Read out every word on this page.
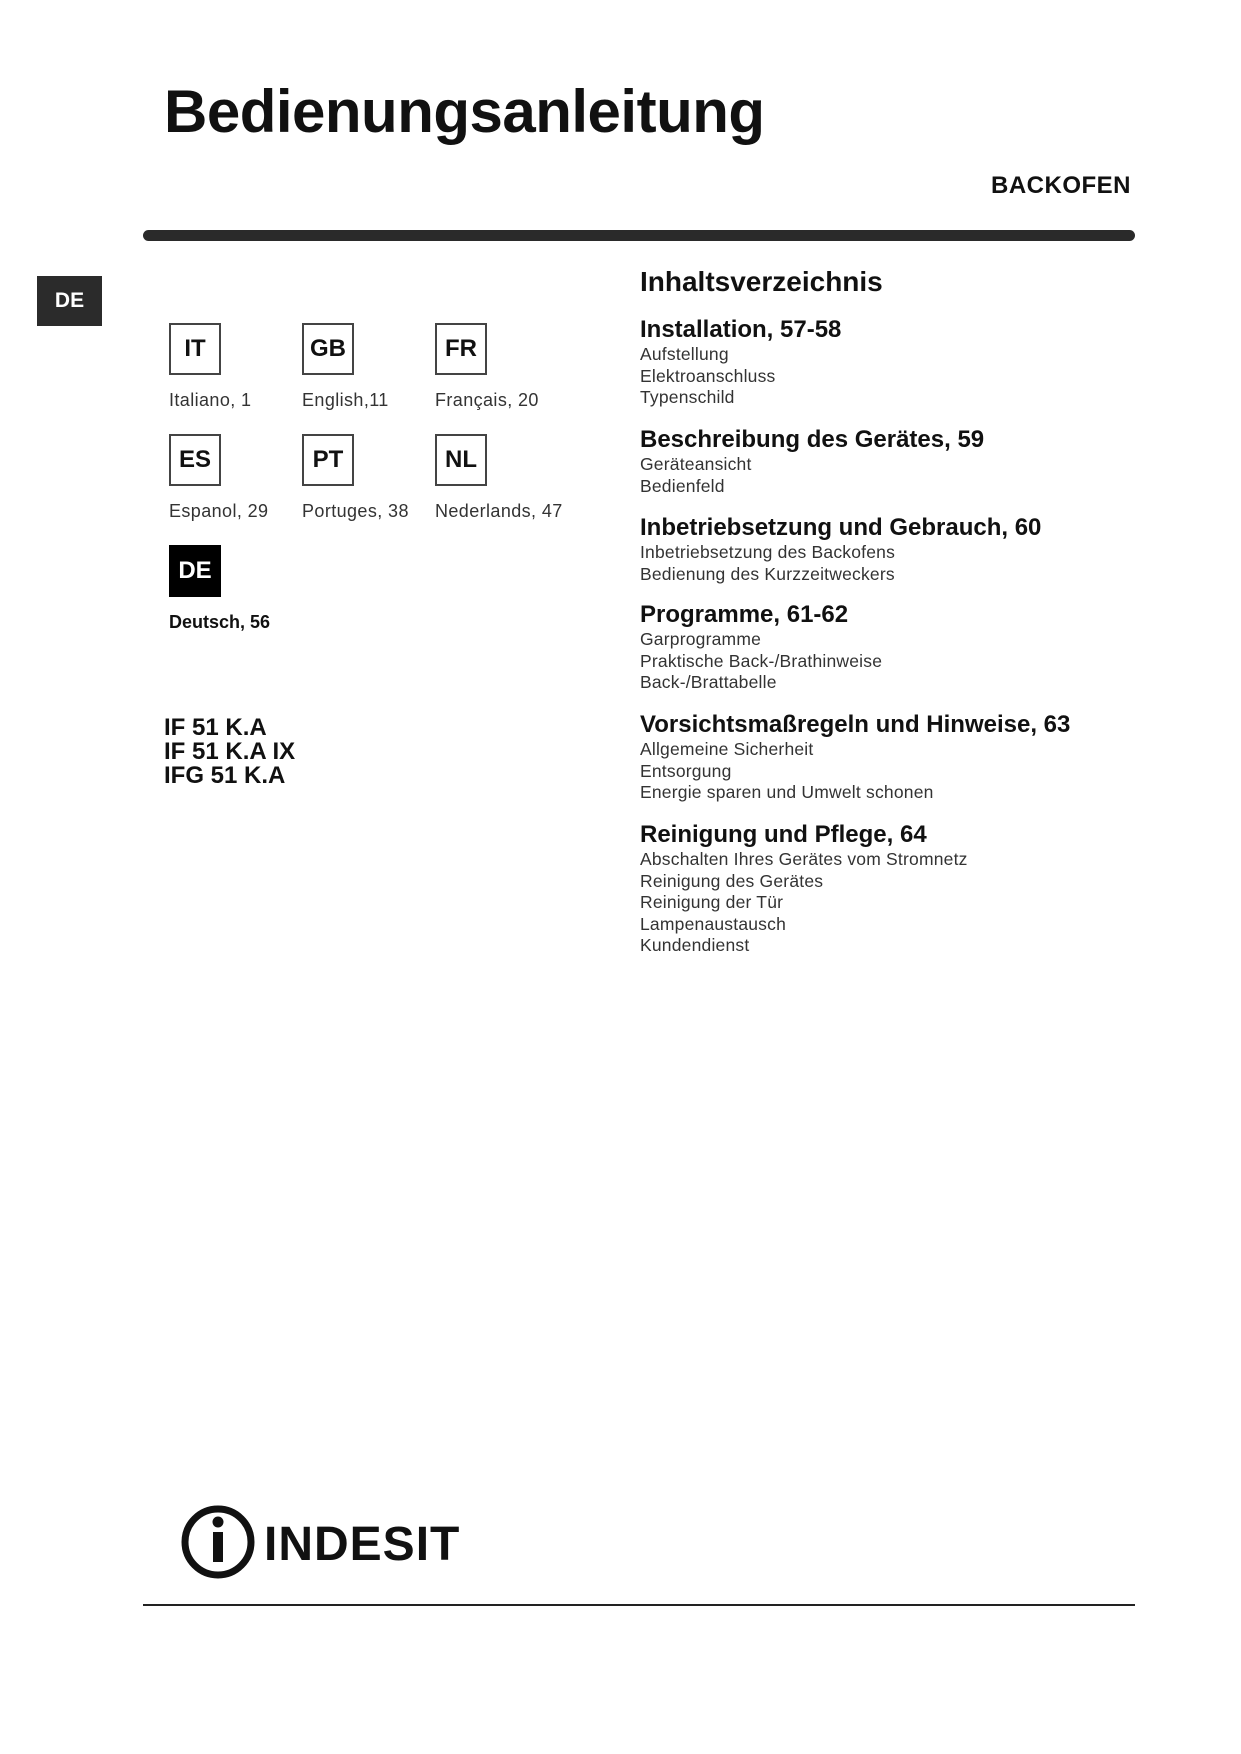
Bedienungsanleitung
BACKOFEN
DE
IT	GB	FR
Italiano, 1	English,11	Français, 20
ES	PT	NL
Espanol, 29 Portuges, 38 Nederlands, 47
DE
Deutsch, 56
IF 51 K.A
IF 51 K.A IX
IFG 51 K.A
Inhaltsverzeichnis
Installation, 57-58
Aufstellung
Elektroanschluss
Typenschild
Beschreibung des Gerätes, 59
Geräteansicht
Bedienfeld
Inbetriebsetzung und Gebrauch, 60
Inbetriebsetzung des Backofens
Bedienung des Kurzzeitweckers
Programme, 61-62
Garprogramme
Praktische Back-/Brathinweise
Back-/Brattabelle
Vorsichtsmaßregeln und Hinweise, 63
Allgemeine Sicherheit
Entsorgung
Energie sparen und Umwelt schonen
Reinigung und Pflege, 64
Abschalten Ihres Gerätes vom Stromnetz
Reinigung des Gerätes
Reinigung der Tür
Lampenaustausch
Kundendienst
INDESIT
